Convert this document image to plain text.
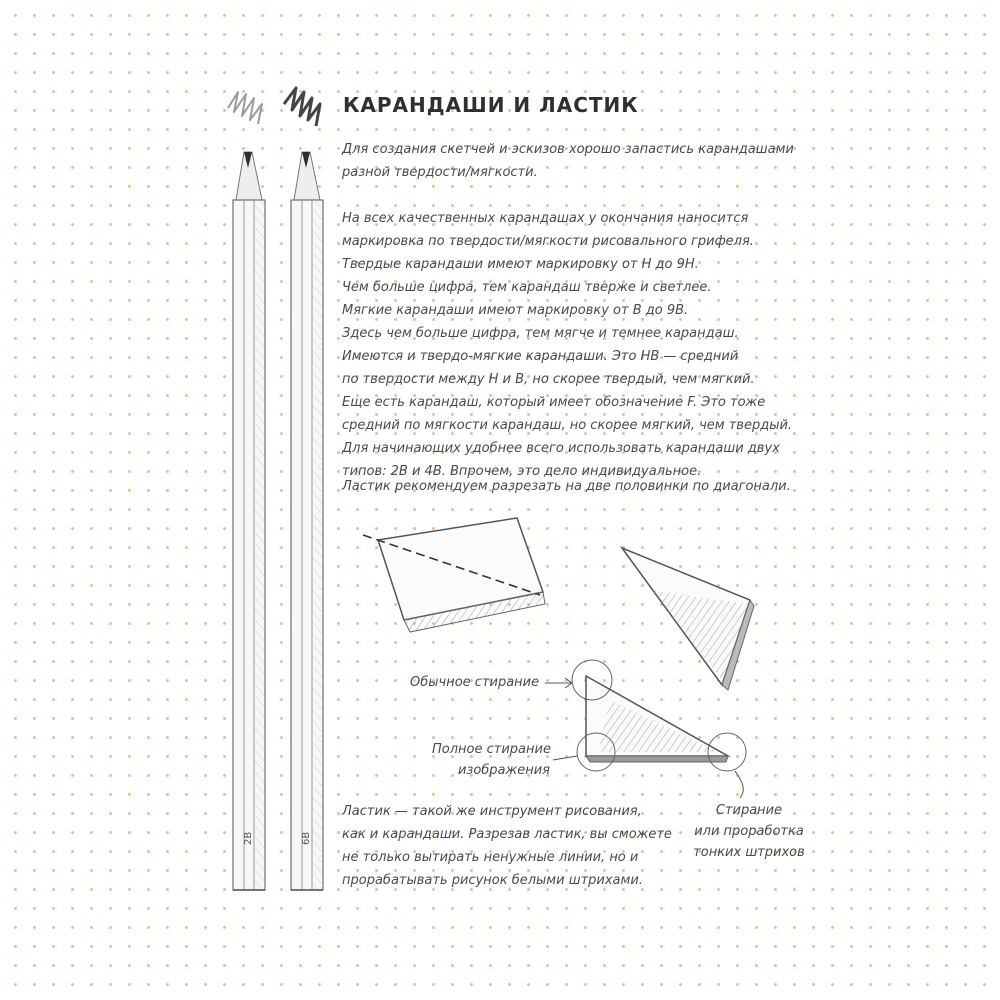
2B	6B
КАРАНДАШИ И ЛАСТИК
Для создания скетчей и эскизов хорошо запастись карандашами
разной твердости/мягкости.
На всех качественных карандашах у окончания наносится
маркировка по твердости/мягкости рисовального грифеля.
Твердые карандаши имеют маркировку от H до 9H.
Чем больше цифра, тем карандаш тверже и светлее.
Мягкие карандаши имеют маркировку от B до 9B.
Здесь чем больше цифра, тем мягче и темнее карандаш.
Имеются и твердо-мягкие карандаши. Это HB — средний
по твердости между H и B, но скорее твердый, чем мягкий.
Еще есть карандаш, который имеет обозначение F. Это тоже
средний по мягкости карандаш, но скорее мягкий, чем твердый.
Для начинающих удобнее всего использовать карандаши двух
типов: 2B и 4B. Впрочем, это дело индивидуальное.
Ластик рекомендуем разрезать на две половинки по диагонали.
Обычное стирание
Полное стирание
изображения
Стирание
или проработка
тонких штрихов
Ластик — такой же инструмент рисования,
как и карандаши. Разрезав ластик, вы сможете
не только вытирать ненужные линии, но и
прорабатывать рисунок белыми штрихами.
